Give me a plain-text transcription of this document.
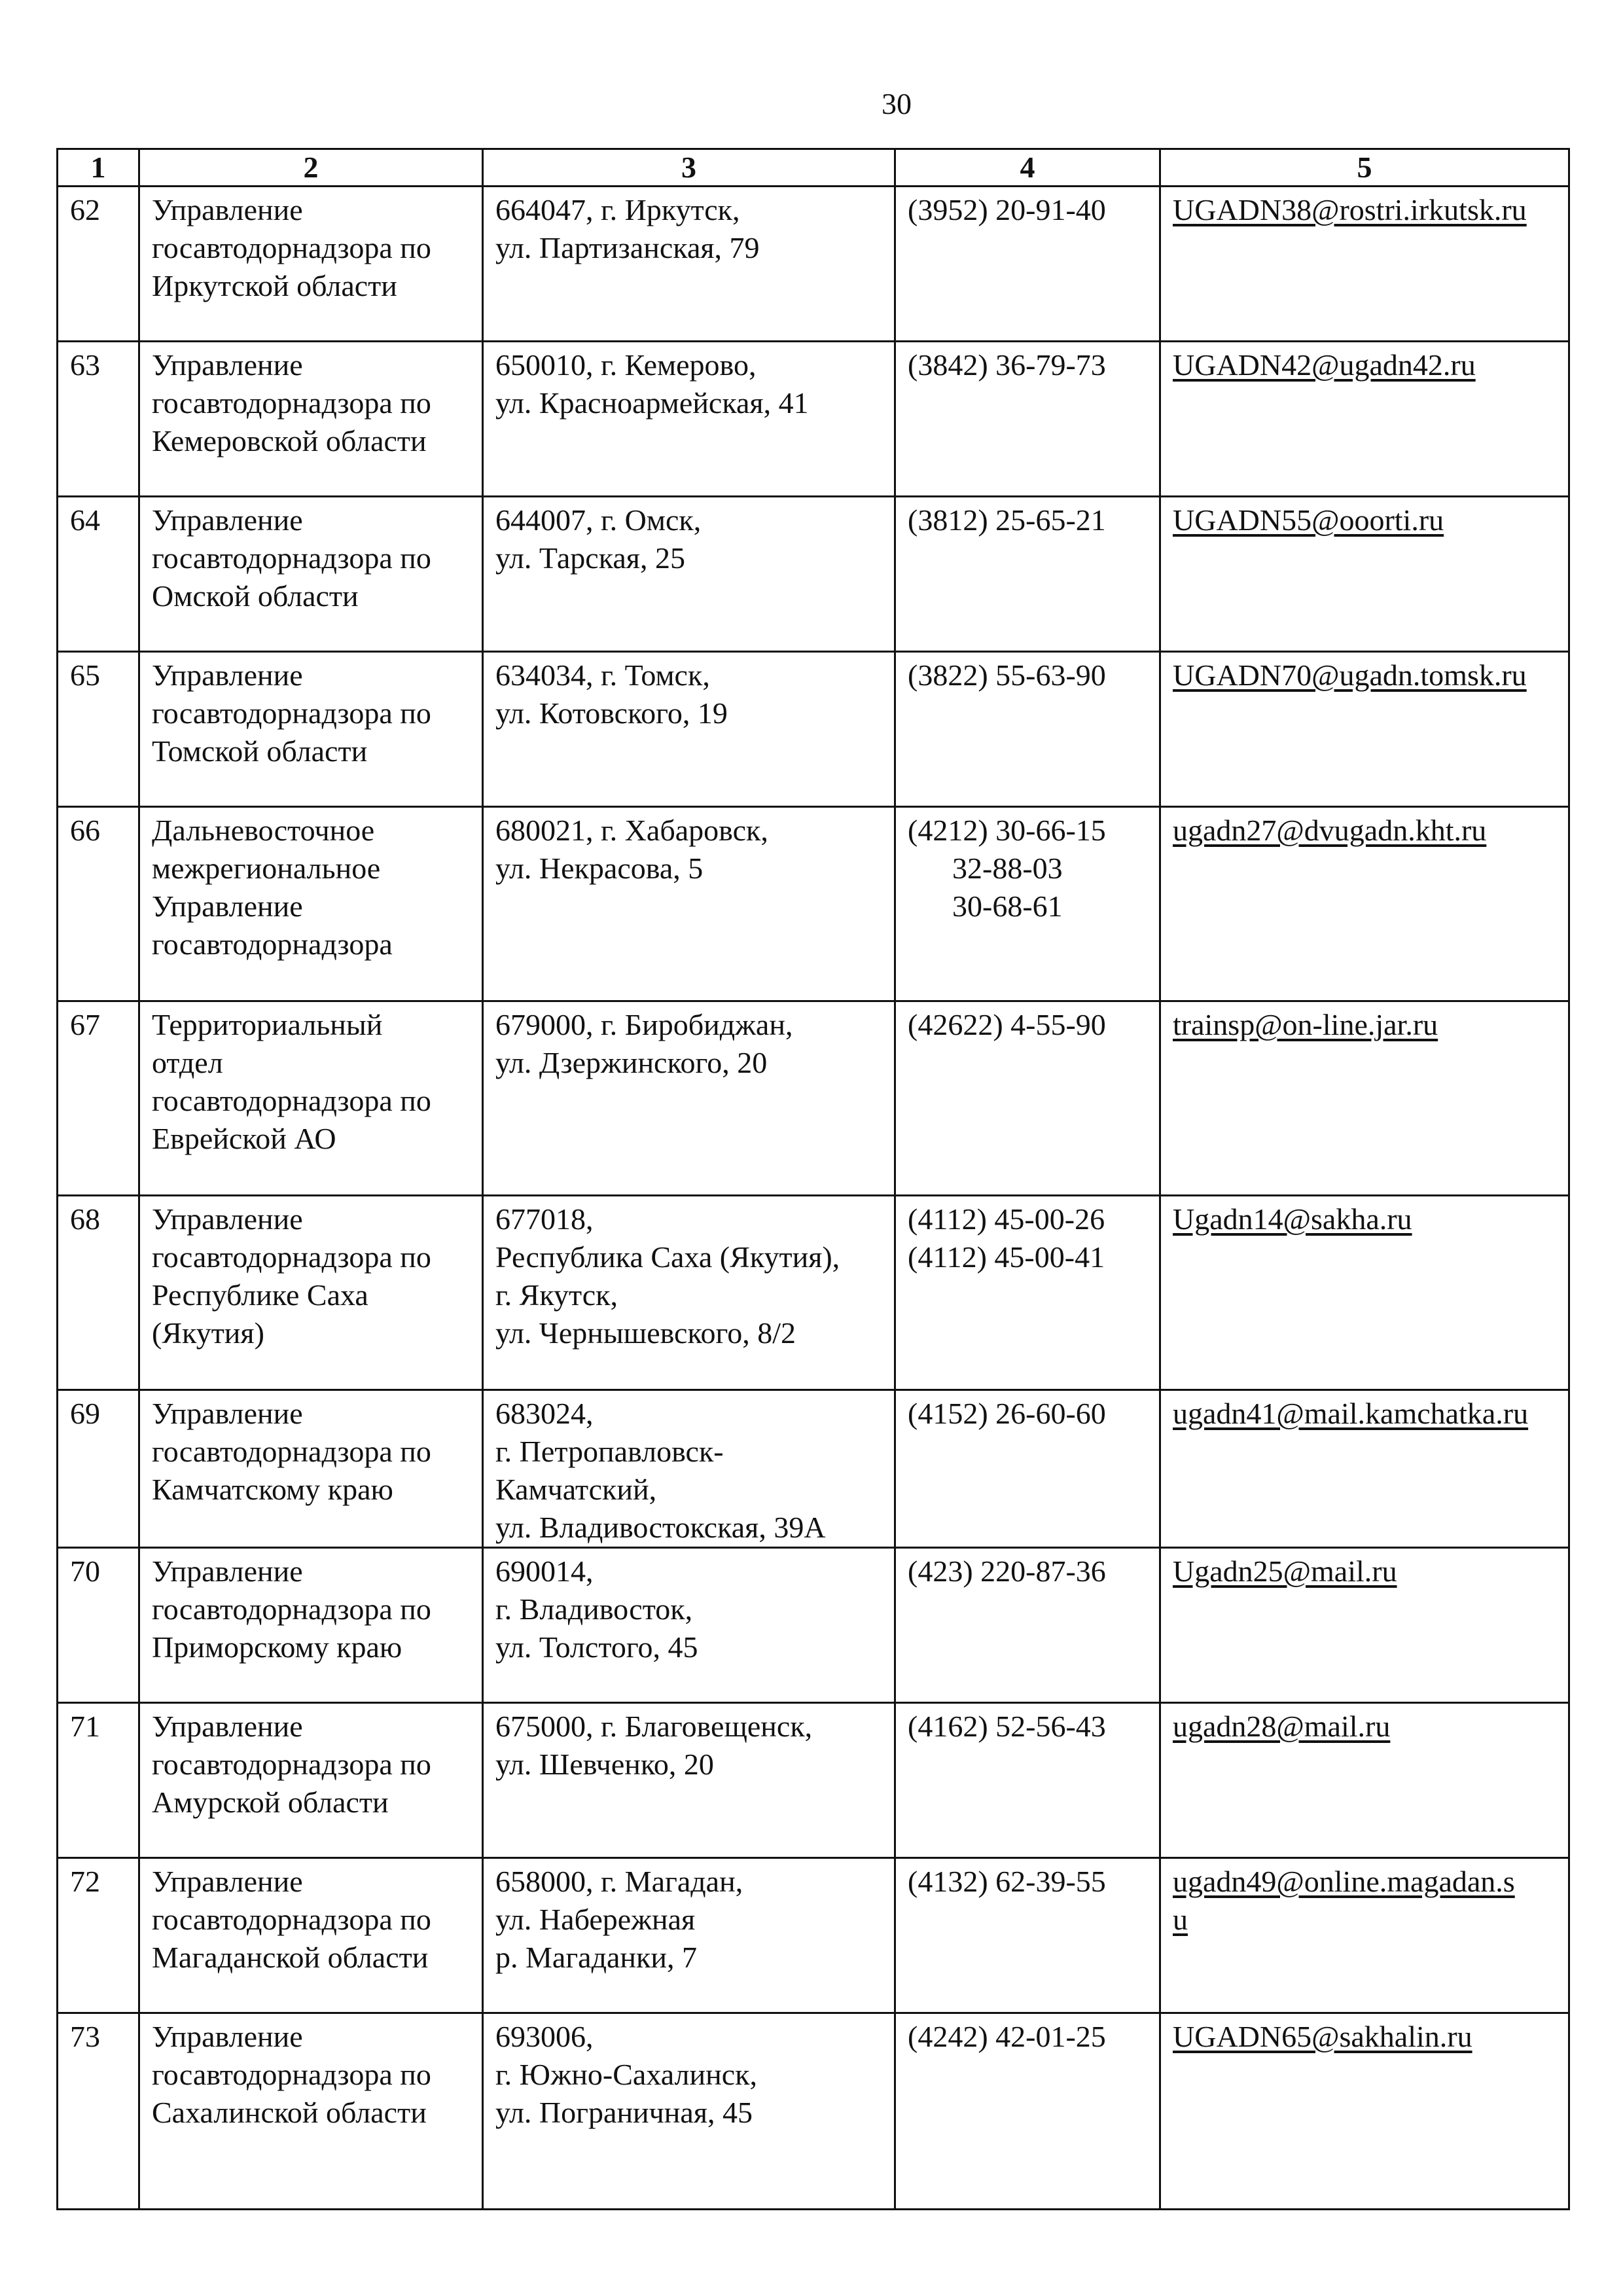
30
1	2	3	4	5
62	Управление
госавтодорнадзора по
Иркутской области	664047, г. Иркутск,
ул. Партизанская, 79	(3952) 20-91-40	UGADN38@rostri.irkutsk.ru

63	Управление
госавтодорнадзора по
Кемеровской области	650010, г. Кемерово,
ул. Красноармейская, 41	(3842) 36-79-73	UGADN42@ugadn42.ru

64	Управление
госавтодорнадзора по
Омской области	644007, г. Омск,
ул. Тарская, 25	(3812) 25-65-21	UGADN55@ooorti.ru

65	Управление
госавтодорнадзора по
Томской области	634034, г. Томск,
ул. Котовского, 19	(3822) 55-63-90	UGADN70@ugadn.tomsk.ru

66	Дальневосточное
межрегиональное
Управление
госавтодорнадзора	680021, г. Хабаровск,
ул. Некрасова, 5	(4212) 30-66-15
32-88-03
30-68-61	ugadn27@dvugadn.kht.ru

67	Территориальный
отдел
госавтодорнадзора по
Еврейской АО	679000, г. Биробиджан,
ул. Дзержинского, 20	(42622) 4-55-90	trainsp@on-line.jar.ru

68	Управление
госавтодорнадзора по
Республике Саха
(Якутия)	677018,
Республика Саха (Якутия),
г. Якутск,
ул. Чернышевского, 8/2	(4112) 45-00-26
(4112) 45-00-41	Ugadn14@sakha.ru

69	Управление
госавтодорнадзора по
Камчатскому краю	683024,
г. Петропавловск-
Камчатский,
ул. Владивостокская, 39А	(4152) 26-60-60	ugadn41@mail.kamchatka.ru

70	Управление
госавтодорнадзора по
Приморскому краю	690014,
г. Владивосток,
ул. Толстого, 45	(423) 220-87-36	Ugadn25@mail.ru

71	Управление
госавтодорнадзора по
Амурской области	675000, г. Благовещенск,
ул. Шевченко, 20	(4162) 52-56-43	ugadn28@mail.ru

72	Управление
госавтодорнадзора по
Магаданской области	658000, г. Магадан,
ул. Набережная
р. Магаданки, 7	(4132) 62-39-55	ugadn49@online.magadan.s
u

73	Управление
госавтодорнадзора по
Сахалинской области	693006,
г. Южно-Сахалинск,
ул. Пограничная, 45	(4242) 42-01-25	UGADN65@sakhalin.ru
